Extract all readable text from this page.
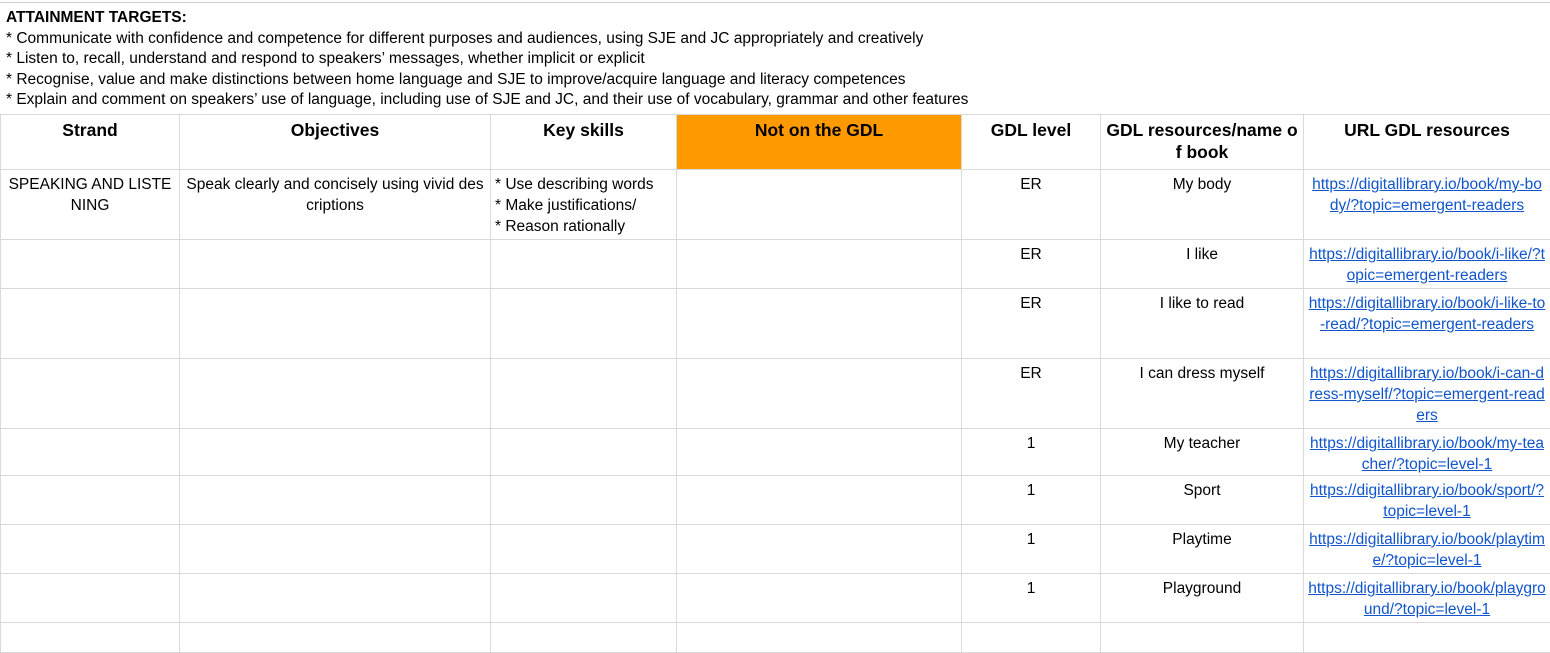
ATTAINMENT TARGETS:
* Communicate with confidence and competence for different purposes and audiences, using SJE and JC appropriately and creatively
* Listen to, recall, understand and respond to speakers’ messages, whether implicit or explicit
* Recognise, value and make distinctions between home language and SJE to improve/acquire language and literacy competences
* Explain and comment on speakers’ use of language, including use of SJE and JC, and their use of vocabulary, grammar and other features
Strand	Objectives	Key skills	Not on the GDL	GDL level	GDL resources/name of book	URL GDL resources
SPEAKING AND LISTENING	Speak clearly and concisely using vivid descriptions	* Use describing words
* Make justifications/
* Reason rationally		ER	My body	https://digitallibrary.io/book/my-body/?topic=emergent-readers
				ER	I like	https://digitallibrary.io/book/i-like/?topic=emergent-readers
				ER	I like to read	https://digitallibrary.io/book/i-like-to-read/?topic=emergent-readers
				ER	I can dress myself	https://digitallibrary.io/book/i-can-dress-myself/?topic=emergent-readers
				1	My teacher	https://digitallibrary.io/book/my-teacher/?topic=level-1
				1	Sport	https://digitallibrary.io/book/sport/?topic=level-1
				1	Playtime	https://digitallibrary.io/book/playtime/?topic=level-1
				1	Playground	https://digitallibrary.io/book/playground/?topic=level-1
